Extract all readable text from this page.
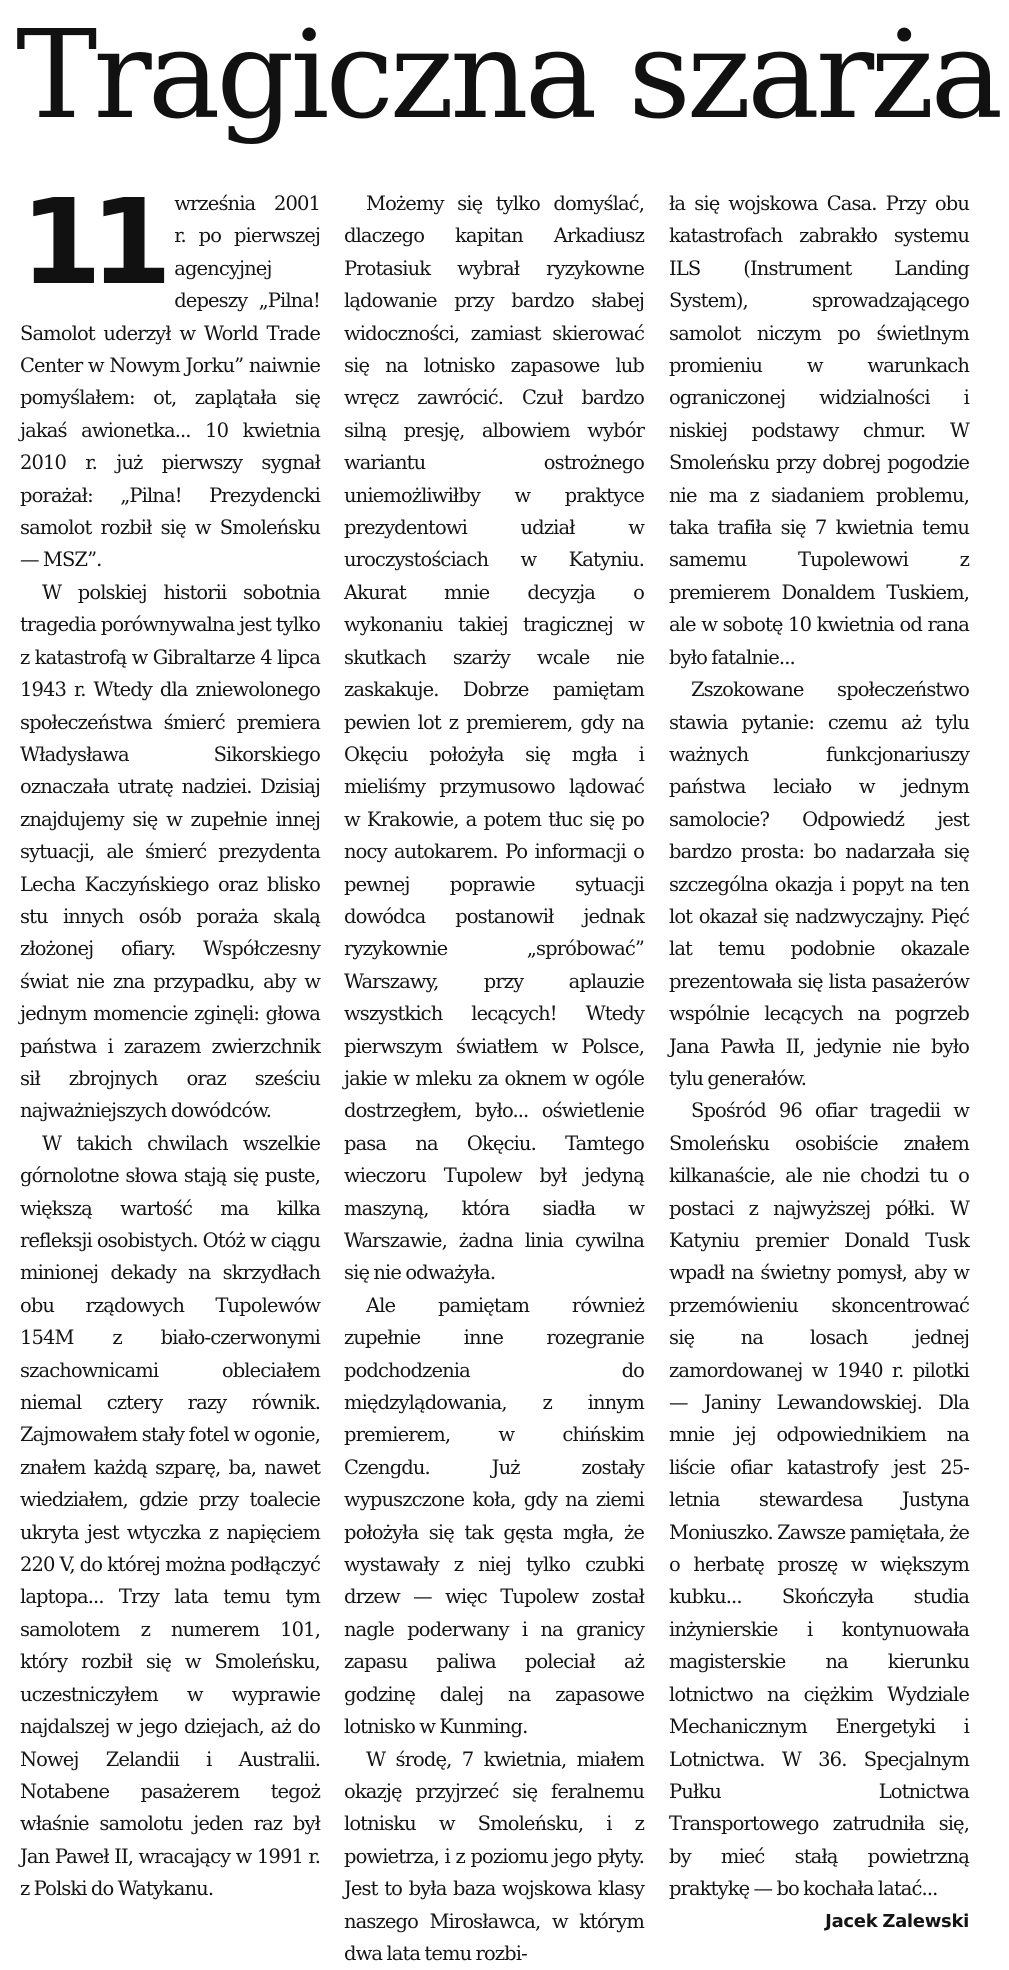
Tragiczna szarża

11 września 2001 r. po pierwszej agencyjnej depeszy „Pilna! Samolot uderzył w World Trade Center w Nowym Jorku” naiwnie pomyślałem: ot, zaplątała się jakaś awionetka... 10 kwietnia 2010 r. już pierwszy sygnał porażał: „Pilna! Prezydencki samolot rozbił się w Smoleńsku — MSZ”.

W polskiej historii sobotnia tragedia porównywalna jest tylko z katastrofą w Gibraltarze 4 lipca 1943 r. Wtedy dla zniewolonego społeczeństwa śmierć premiera Władysława Sikorskiego oznaczała utratę nadziei. Dzisiaj znajdujemy się w zupełnie innej sytuacji, ale śmierć prezydenta Lecha Kaczyńskiego oraz blisko stu innych osób poraża skalą złożonej ofiary. Współczesny świat nie zna przypadku, aby w jednym momencie zginęli: głowa państwa i zarazem zwierzchnik sił zbrojnych oraz sześciu najważniejszych dowódców.

W takich chwilach wszelkie górnolotne słowa stają się puste, większą wartość ma kilka refleksji osobistych. Otóż w ciągu minionej dekady na skrzydłach obu rządowych Tupolewów 154M z biało-czerwonymi szachownicami obleciałem niemal cztery razy równik. Zajmowałem stały fotel w ogonie, znałem każdą szparę, ba, nawet wiedziałem, gdzie przy toalecie ukryta jest wtyczka z napięciem 220 V, do której można podłączyć laptopa... Trzy lata temu tym samolotem z numerem 101, który rozbił się w Smoleńsku, uczestniczyłem w wyprawie najdalszej w jego dziejach, aż do Nowej Zelandii i Australii. Notabene pasażerem tegoż właśnie samolotu jeden raz był Jan Paweł II, wracający w 1991 r. z Polski do Watykanu.

Możemy się tylko domyślać, dlaczego kapitan Arkadiusz Protasiuk wybrał ryzykowne lądowanie przy bardzo słabej widoczności, zamiast skierować się na lotnisko zapasowe lub wręcz zawrócić. Czuł bardzo silną presję, albowiem wybór wariantu ostrożnego uniemożliwiłby w praktyce prezydentowi udział w uroczystościach w Katyniu. Akurat mnie decyzja o wykonaniu takiej tragicznej w skutkach szarży wcale nie zaskakuje. Dobrze pamiętam pewien lot z premierem, gdy na Okęciu położyła się mgła i mieliśmy przymusowo lądować w Krakowie, a potem tłuc się po nocy autokarem. Po informacji o pewnej poprawie sytuacji dowódca postanowił jednak ryzykownie „spróbować” Warszawy, przy aplauzie wszystkich lecących! Wtedy pierwszym światłem w Polsce, jakie w mleku za oknem w ogóle dostrzegłem, było... oświetlenie pasa na Okęciu. Tamtego wieczoru Tupolew był jedyną maszyną, która siadła w Warszawie, żadna linia cywilna się nie odważyła.

Ale pamiętam również zupełnie inne rozegranie podchodzenia do międzylądowania, z innym premierem, w chińskim Czengdu. Już zostały wypuszczone koła, gdy na ziemi położyła się tak gęsta mgła, że wystawały z niej tylko czubki drzew — więc Tupolew został nagle poderwany i na granicy zapasu paliwa poleciał aż godzinę dalej na zapasowe lotnisko w Kunming.

W środę, 7 kwietnia, miałem okazję przyjrzeć się feralnemu lotnisku w Smoleńsku, i z powietrza, i z poziomu jego płyty. Jest to była baza wojskowa klasy naszego Mirosławca, w którym dwa lata temu rozbi-

ła się wojskowa Casa. Przy obu katastrofach zabrakło systemu ILS (Instrument Landing System), sprowadzającego samolot niczym po świetlnym promieniu w warunkach ograniczonej widzialności i niskiej podstawy chmur. W Smoleńsku przy dobrej pogodzie nie ma z siadaniem problemu, taka trafiła się 7 kwietnia temu samemu Tupolewowi z premierem Donaldem Tuskiem, ale w sobotę 10 kwietnia od rana było fatalnie...

Zszokowane społeczeństwo stawia pytanie: czemu aż tylu ważnych funkcjonariuszy państwa leciało w jednym samolocie? Odpowiedź jest bardzo prosta: bo nadarzała się szczególna okazja i popyt na ten lot okazał się nadzwyczajny. Pięć lat temu podobnie okazale prezentowała się lista pasażerów wspólnie lecących na pogrzeb Jana Pawła II, jedynie nie było tylu generałów.

Spośród 96 ofiar tragedii w Smoleńsku osobiście znałem kilkanaście, ale nie chodzi tu o postaci z najwyższej półki. W Katyniu premier Donald Tusk wpadł na świetny pomysł, aby w przemówieniu skoncentrować się na losach jednej zamordowanej w 1940 r. pilotki — Janiny Lewandowskiej. Dla mnie jej odpowiednikiem na liście ofiar katastrofy jest 25-letnia stewardesa Justyna Moniuszko. Zawsze pamiętała, że o herbatę proszę w większym kubku... Skończyła studia inżynierskie i kontynuowała magisterskie na kierunku lotnictwo na ciężkim Wydziale Mechanicznym Energetyki i Lotnictwa. W 36. Specjalnym Pułku Lotnictwa Transportowego zatrudniła się, by mieć stałą powietrzną praktykę — bo kochała latać...

Jacek Zalewski
